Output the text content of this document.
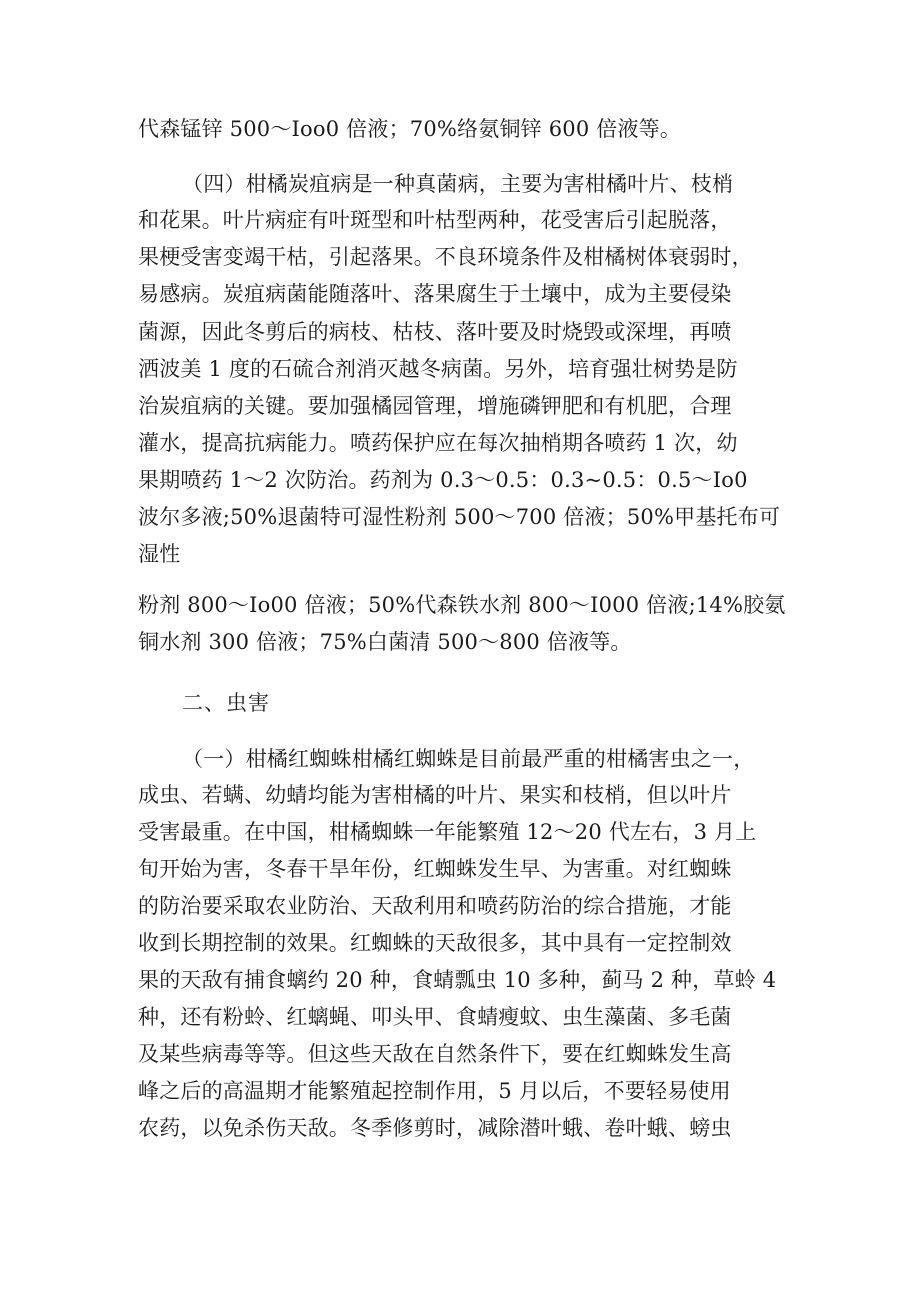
代森锰锌 500～Ioo0 倍液；70%络氨铜锌 600 倍液等。

（四）柑橘炭疽病是一种真菌病，主要为害柑橘叶片、枝梢

和花果。叶片病症有叶斑型和叶枯型两种，花受害后引起脱落，

果梗受害变竭干枯，引起落果。不良环境条件及柑橘树体衰弱时，

易感病。炭疽病菌能随落叶、落果腐生于土壤中，成为主要侵染

菌源，因此冬剪后的病枝、枯枝、落叶要及时烧毁或深埋，再喷

洒波美 1 度的石硫合剂消灭越冬病菌。另外，培育强壮树势是防

治炭疽病的关键。要加强橘园管理，增施磷钾肥和有机肥，合理

灌水，提高抗病能力。喷药保护应在每次抽梢期各喷药 1 次，幼

果期喷药 1～2 次防治。药剂为 0.3～0.5：0.3~0.5：0.5～Io0

波尔多液;50%退菌特可湿性粉剂 500～700 倍液；50%甲基托布可

湿性

粉剂 800～Io00 倍液；50%代森铁水剂 800～I000 倍液;14%胶氨

铜水剂 300 倍液；75%白菌清 500～800 倍液等。

二、虫害

（一）柑橘红蜘蛛柑橘红蜘蛛是目前最严重的柑橘害虫之一，

成虫、若螨、幼蜻均能为害柑橘的叶片、果实和枝梢，但以叶片

受害最重。在中国，柑橘蜘蛛一年能繁殖 12～20 代左右，3 月上

旬开始为害，冬春干旱年份，红蜘蛛发生早、为害重。对红蜘蛛

的防治要采取农业防治、天敌利用和喷药防治的综合措施，才能

收到长期控制的效果。红蜘蛛的天敌很多，其中具有一定控制效

果的天敌有捕食螭约 20 种，食蜻瓢虫 10 多种，蓟马 2 种，草蛉 4

种，还有粉蛉、红螭蝇、叩头甲、食蜻瘦蚊、虫生藻菌、多毛菌

及某些病毒等等。但这些天敌在自然条件下，要在红蜘蛛发生高

峰之后的高温期才能繁殖起控制作用，5 月以后，不要轻易使用

农药，以免杀伤天敌。冬季修剪时，减除潜叶蛾、卷叶蛾、螃虫
